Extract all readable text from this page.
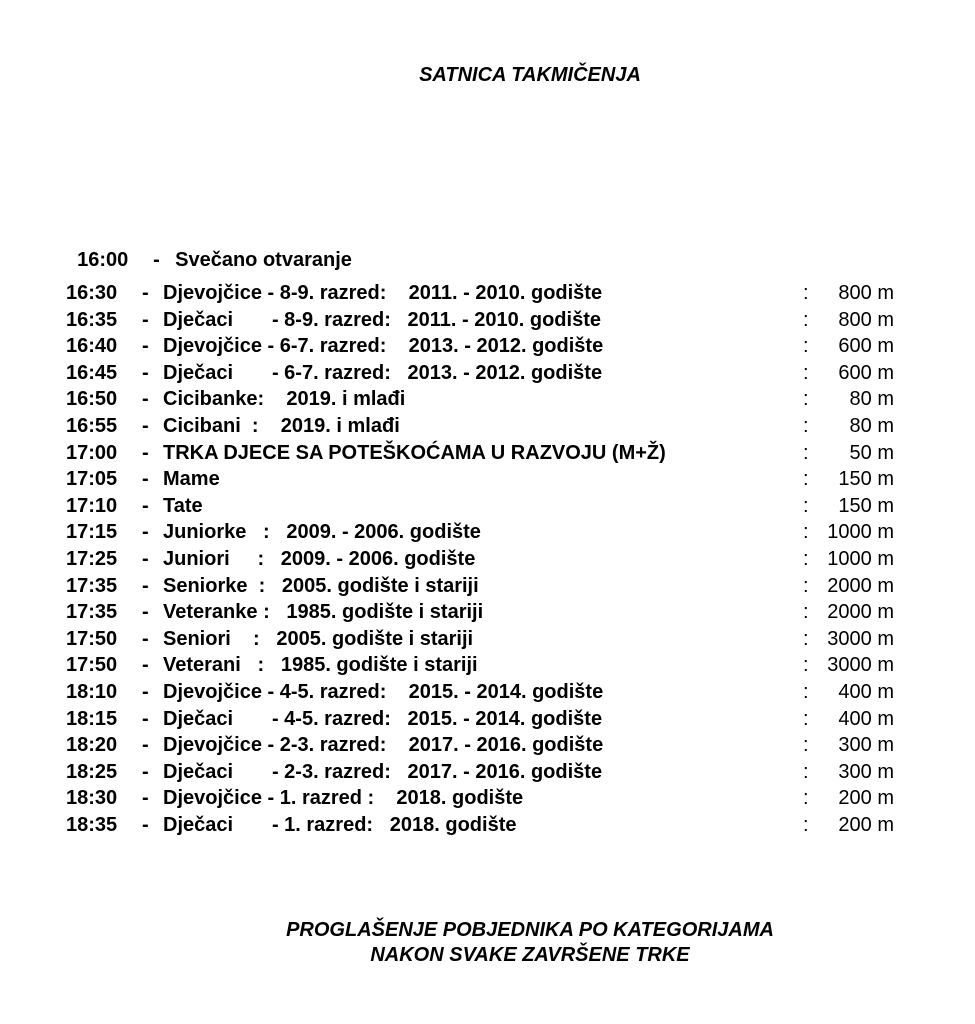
SATNICA TAKMIČENJA

16:00 - Svečano otvaranje

16:30 - Djevojčice - 8-9. razred:    2011. - 2010. godište	: 800 m
16:35 - Dječaci       - 8-9. razred:   2011. - 2010. godište	: 800 m
16:40 - Djevojčice - 6-7. razred:    2013. - 2012. godište	: 600 m
16:45 - Dječaci       - 6-7. razred:   2013. - 2012. godište	: 600 m
16:50 - Cicibanke:    2019. i mlađi	: 80 m
16:55 - Cicibani  :    2019. i mlađi	: 80 m
17:00 - TRKA DJECE SA POTEŠKOĆAMA U RAZVOJU (M+Ž)	: 50 m
17:05 - Mame	: 150 m
17:10 - Tate	: 150 m
17:15 - Juniorke   :   2009. - 2006. godište	: 1000 m
17:25 - Juniori     :   2009. - 2006. godište	: 1000 m
17:35 - Seniorke  :   2005. godište i stariji	: 2000 m
17:35 - Veteranke :   1985. godište i stariji	: 2000 m
17:50 - Seniori    :   2005. godište i stariji	: 3000 m
17:50 - Veterani   :   1985. godište i stariji	: 3000 m
18:10 - Djevojčice - 4-5. razred:    2015. - 2014. godište	: 400 m
18:15 - Dječaci       - 4-5. razred:   2015. - 2014. godište	: 400 m
18:20 - Djevojčice - 2-3. razred:    2017. - 2016. godište	: 300 m
18:25 - Dječaci       - 2-3. razred:   2017. - 2016. godište	: 300 m
18:30 - Djevojčice - 1. razred :    2018. godište	: 200 m
18:35 - Dječaci       - 1. razred:   2018. godište	: 200 m
PROGLAŠENJE POBJEDNIKA PO KATEGORIJAMA
NAKON SVAKE ZAVRŠENE TRKE
